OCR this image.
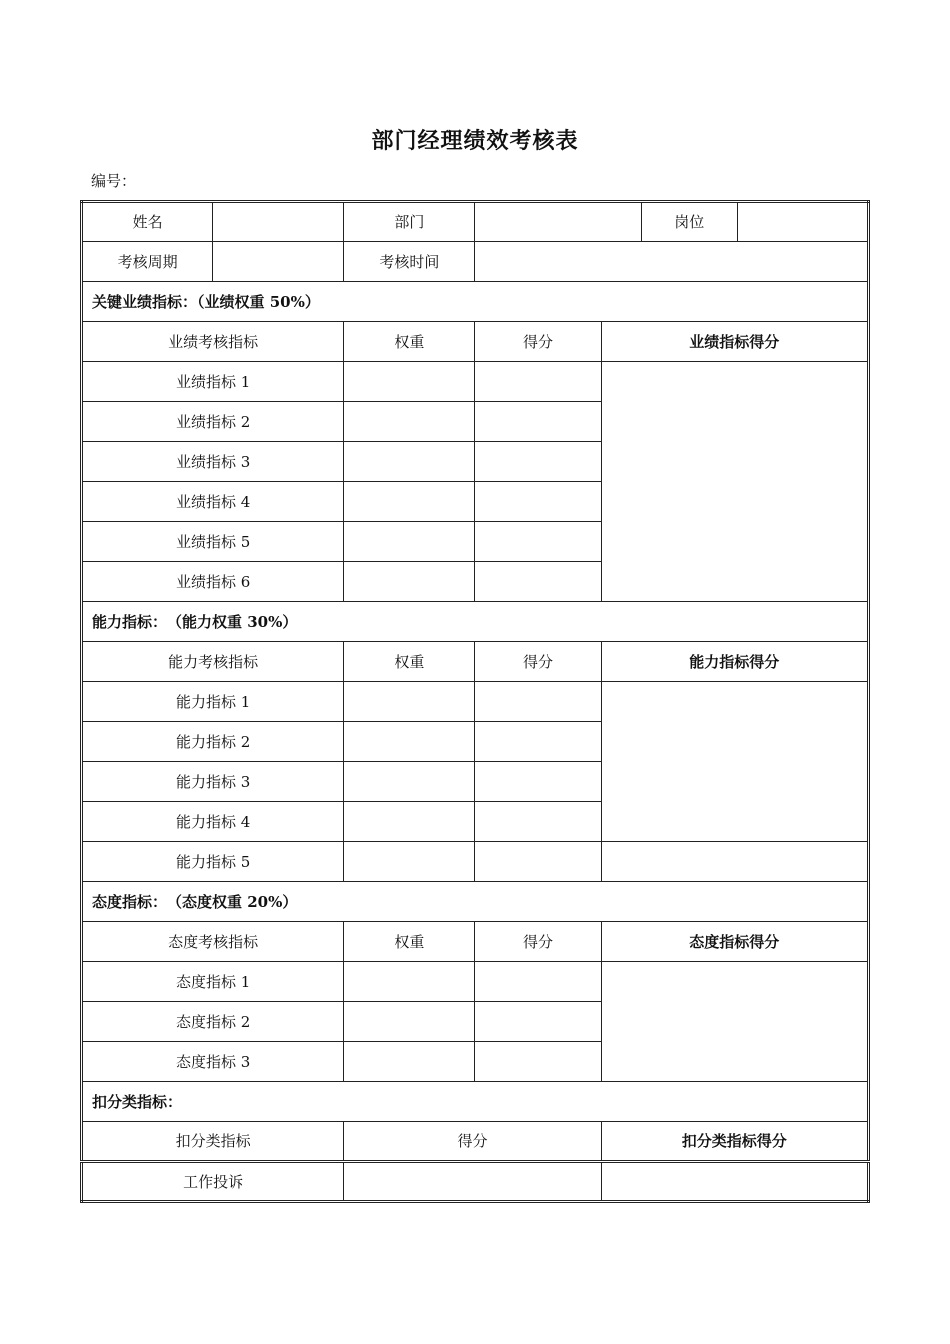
部门经理绩效考核表
编号：
姓名		部门			岗位	
考核周期		考核时间				
关键业绩指标：（业绩权重 50%）						
业绩考核指标		权重	得分	业绩指标得分		
业绩指标 1						
业绩指标 2						
业绩指标 3						
业绩指标 4						
业绩指标 5						
业绩指标 6						
能力指标：　（能力权重 30%）						
能力考核指标		权重	得分	能力指标得分		
能力指标 1						
能力指标 2						
能力指标 3						
能力指标 4						
能力指标 5						
态度指标：　（态度权重 20%）						
态度考核指标		权重	得分	态度指标得分		
态度指标 1						
态度指标 2						
态度指标 3						
扣分类指标：						
扣分类指标		得分		扣分类指标得分		
工作投诉						
